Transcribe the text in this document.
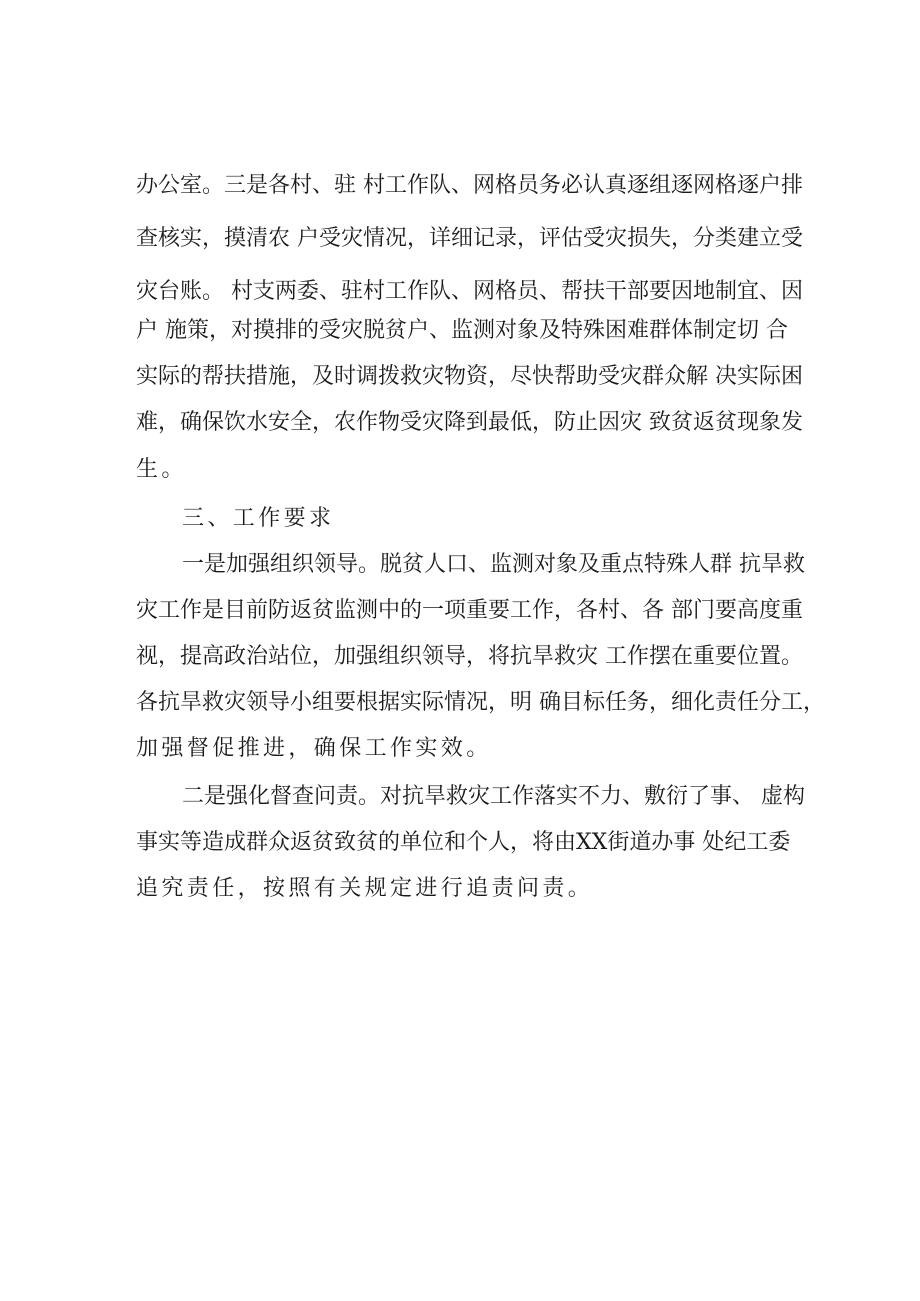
办公室。三是各村、驻 村工作队、网格员务必认真逐组逐网格逐户排

查核实，摸清农 户受灾情况，详细记录，评估受灾损失，分类建立受

灾台账。 村支两委、驻村工作队、网格员、帮扶干部要因地制宜、因

户 施策，对摸排的受灾脱贫户、监测对象及特殊困难群体制定切 合

实际的帮扶措施，及时调拨救灾物资，尽快帮助受灾群众解 决实际困

难，确保饮水安全，农作物受灾降到最低，防止因灾 致贫返贫现象发

生。

三、工作要求

一是加强组织领导。脱贫人口、监测对象及重点特殊人群 抗旱救

灾工作是目前防返贫监测中的一项重要工作，各村、各 部门要高度重

视，提高政治站位，加强组织领导，将抗旱救灾 工作摆在重要位置。

各抗旱救灾领导小组要根据实际情况，明 确目标任务，细化责任分工，

加强督促推进，确保工作实效。

二是强化督查问责。对抗旱救灾工作落实不力、敷衍了事、 虚构

事实等造成群众返贫致贫的单位和个人，将由XX街道办事 处纪工委

追究责任，按照有关规定进行追责问责。
